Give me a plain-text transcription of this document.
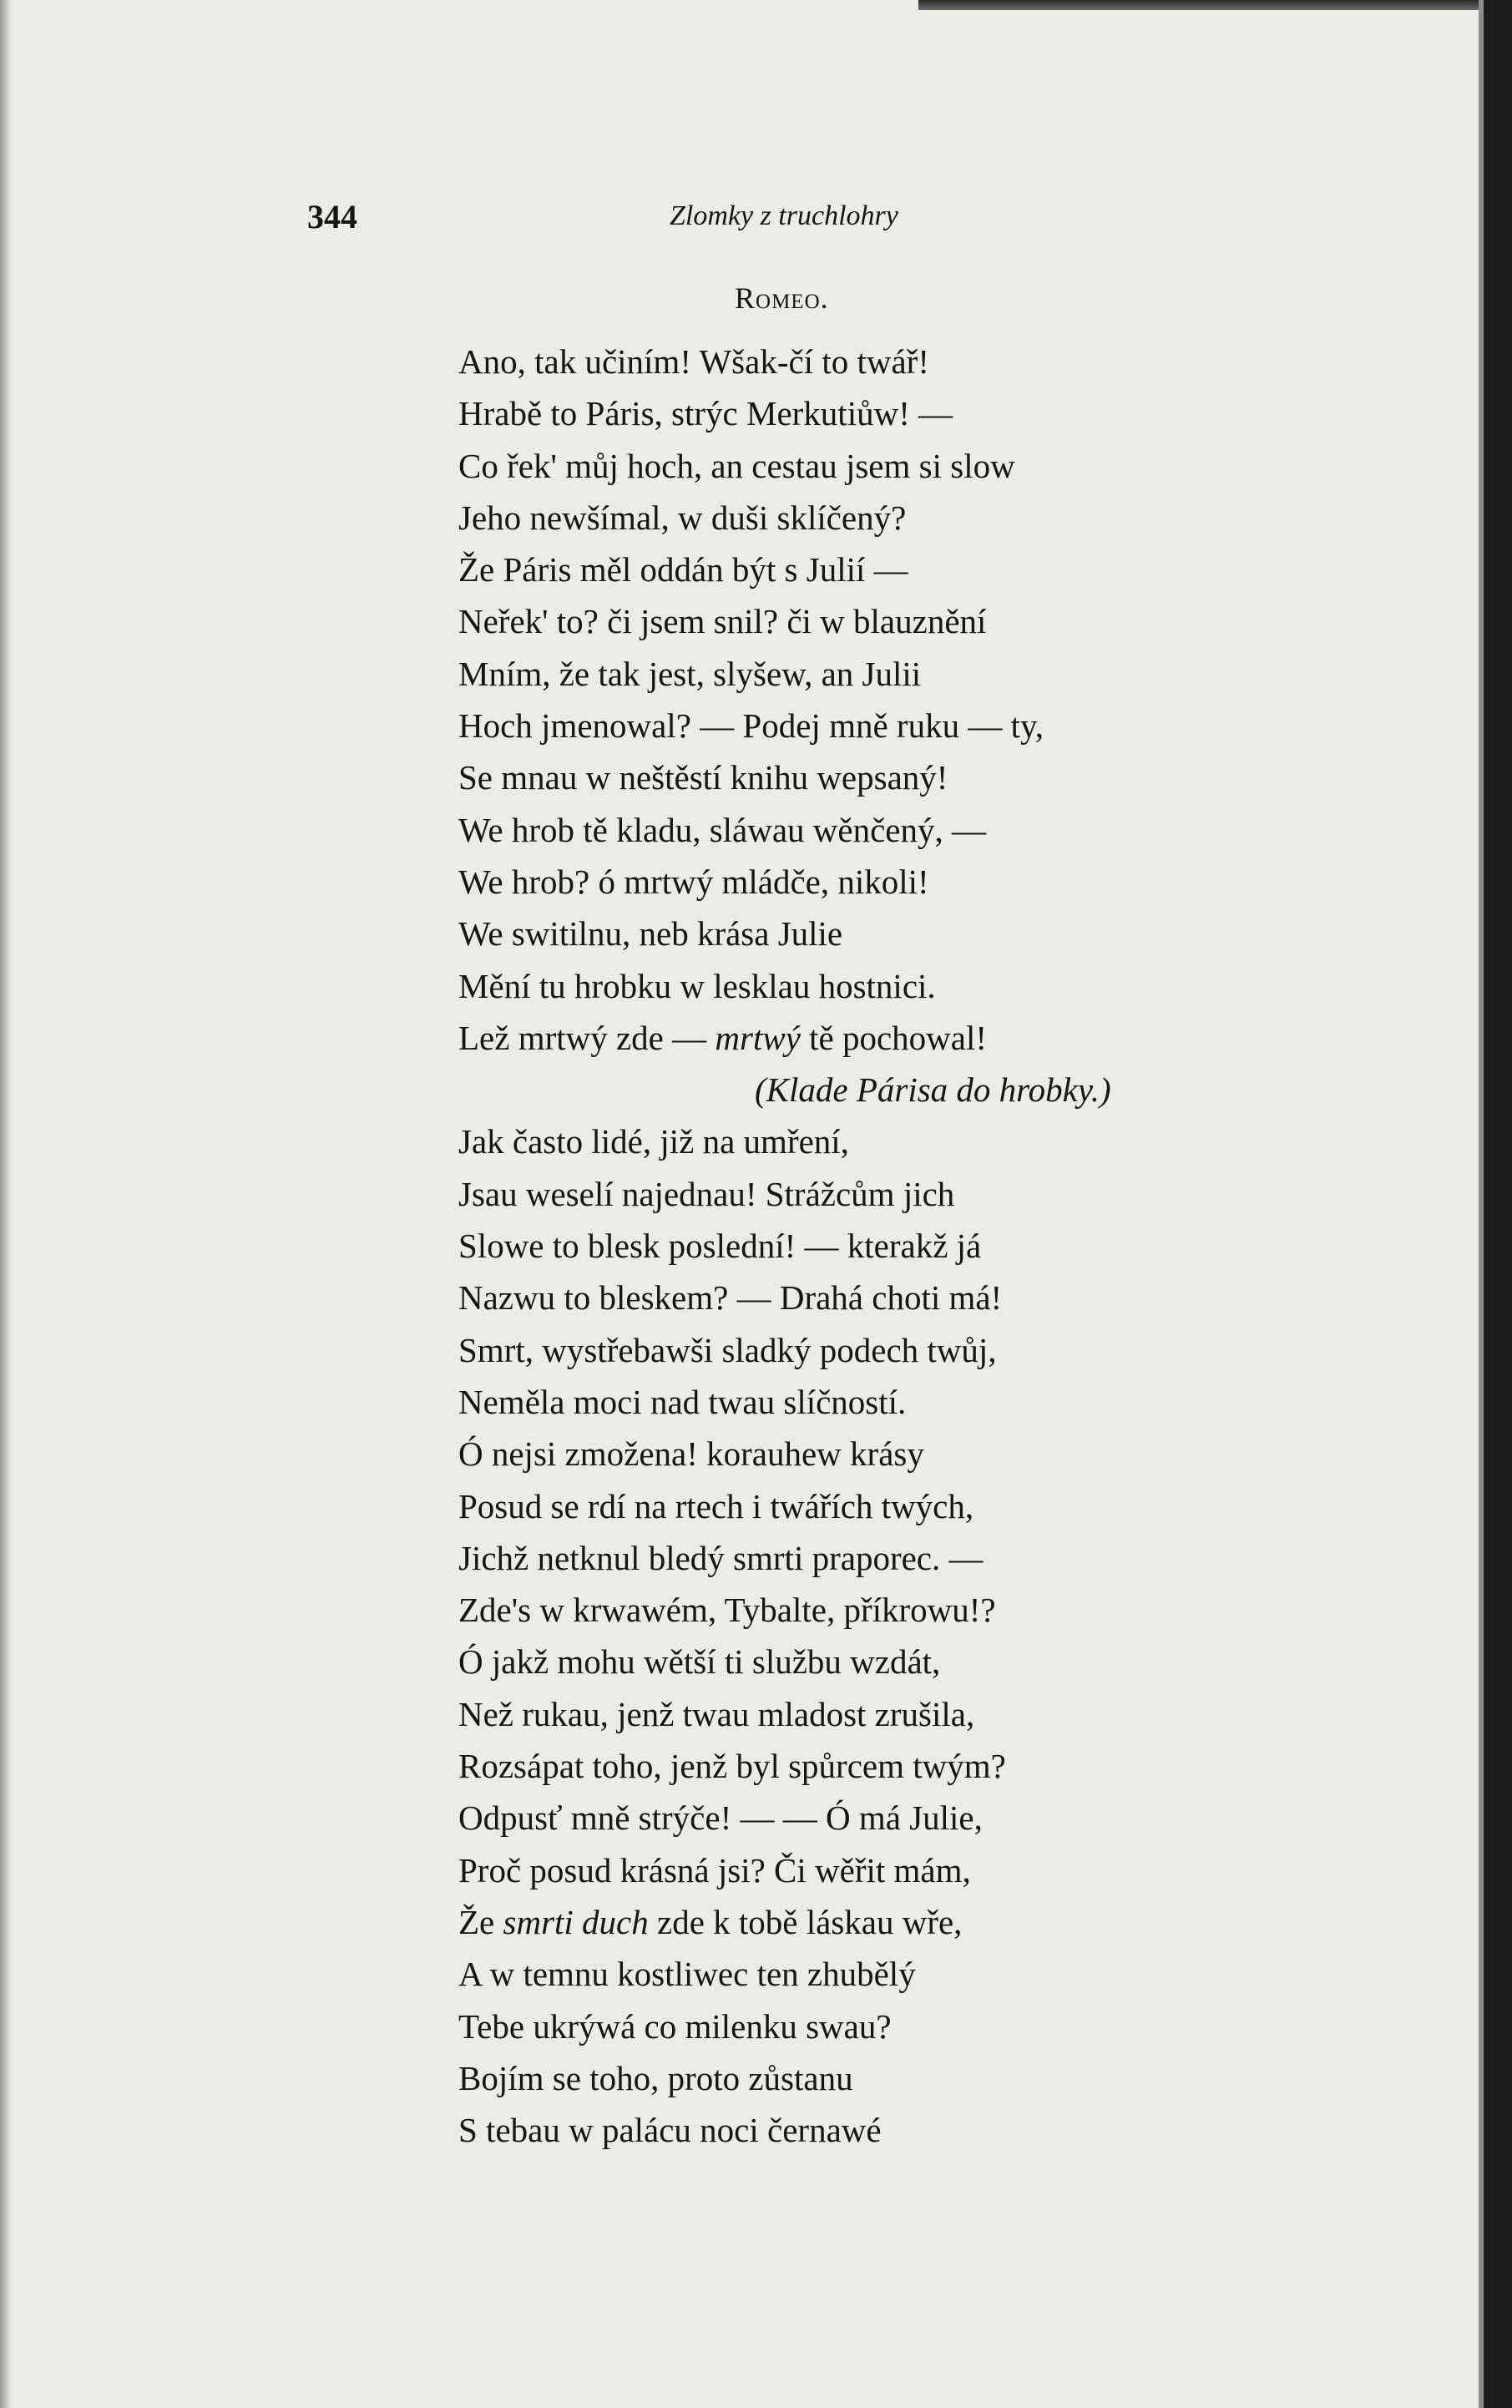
344	Zlomky z truchlohry
Romeo.
Ano, tak učiním! Wšak-čí to twář!
Hrabě to Páris, strýc Merkutiůw! —
Co řek' můj hoch, an cestau jsem si slow
Jeho newšímal, w duši sklíčený?
Že Páris měl oddán být s Julií —
Neřek' to? či jsem snil? či w blauznění
Mním, že tak jest, slyšew, an Julii
Hoch jmenowal? — Podej mně ruku — ty,
Se mnau w neštěstí knihu wepsaný!
We hrob tě kladu, sláwau wěnčený, —
We hrob? ó mrtwý mládče, nikoli!
We switilnu, neb krása Julie
Mění tu hrobku w lesklau hostnici.
Lež mrtwý zde — mrtwý tě pochowal!
(Klade Párisa do hrobky.)
Jak často lidé, již na umření,
Jsau weselí najednau! Strážcům jich
Slowe to blesk poslední! — kterakž já
Nazwu to bleskem? — Drahá choti má!
Smrt, wystřebawši sladký podech twůj,
Neměla moci nad twau slíčností.
Ó nejsi zmožena! korauhew krásy
Posud se rdí na rtech i twářích twých,
Jichž netknul bledý smrti praporec. —
Zde's w krwawém, Tybalte, příkrowu!?
Ó jakž mohu wětší ti službu wzdát,
Než rukau, jenž twau mladost zrušila,
Rozsápat toho, jenž byl spůrcem twým?
Odpusť mně strýče! — — Ó má Julie,
Proč posud krásná jsi? Či wěřit mám,
Že smrti duch zde k tobě láskau wře,
A w temnu kostliwec ten zhubělý
Tebe ukrýwá co milenku swau?
Bojím se toho, proto zůstanu
S tebau w palácu noci černawé
